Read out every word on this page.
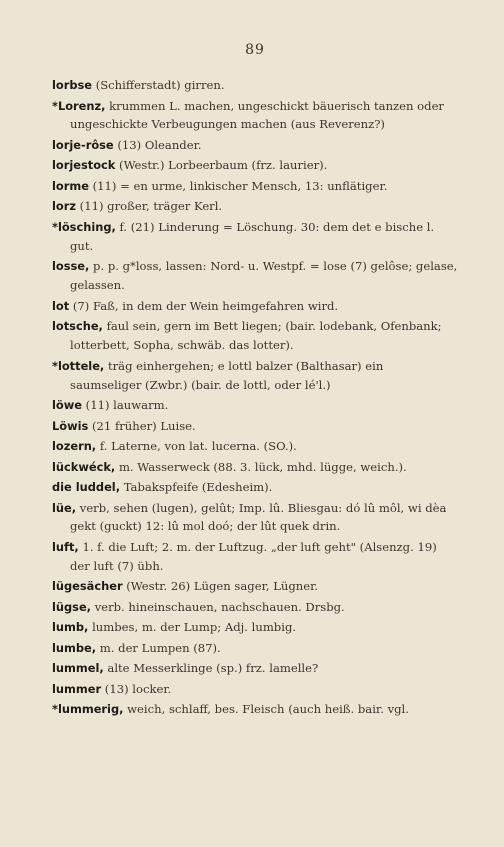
89

lorbse (Schifferstadt) girren.

*Lorenz, krummen L. machen, ungeschickt bäuerisch tanzen oder ungeschickte Verbeugungen machen (aus Reverenz?)

lorje-rôse (13) Oleander.

lorjestock (Westr.) Lorbeerbaum (frz. laurier).

lorme (11) = en urme, linkischer Mensch, 13: unflätiger.

lorz (11) großer, träger Kerl.

*lösching, f. (21) Linderung = Löschung. 30: dem det e bische l. gut.

losse, p. p. g*loss, lassen: Nord- u. Westpf. = lose (7) gelôse; gelase, gelassen.

lot (7) Faß, in dem der Wein heimgefahren wird.

lotsche, faul sein, gern im Bett liegen; (bair. lodebank, Ofenbank; lotterbett, Sopha, schwäb. das lotter).

*lottele, träg einhergehen; e lottl balzer (Balthasar) ein saumseliger (Zwbr.) (bair. de lottl, oder lé'l.)

löwe (11) lauwarm.

Löwis (21 früher) Luise.

lozern, f. Laterne, von lat. lucerna. (SO.).

lückwéck, m. Wasserweck (88. 3. lück, mhd. lügge, weich.).

die luddel, Tabakspfeife (Edesheim).

lüe, verb, sehen (lugen), gelût; Imp. lû. Bliesgau: dó lû môl, wi dèa gekt (guckt) 12: lû mol doó; der lût quek drin.

luft, 1. f. die Luft; 2. m. der Luftzug. „der luft geht" (Alsenzg. 19) der luft (7) übh.

lügesächer (Westr. 26) Lügen sager, Lügner.

lügse, verb. hineinschauen, nachschauen. Drsbg.

lumb, lumbes, m. der Lump; Adj. lumbig.

lumbe, m. der Lumpen (87).

lummel, alte Messerklinge (sp.) frz. lamelle?

lummer (13) locker.

*lummerig, weich, schlaff, bes. Fleisch (auch heiß. bair. vgl.
